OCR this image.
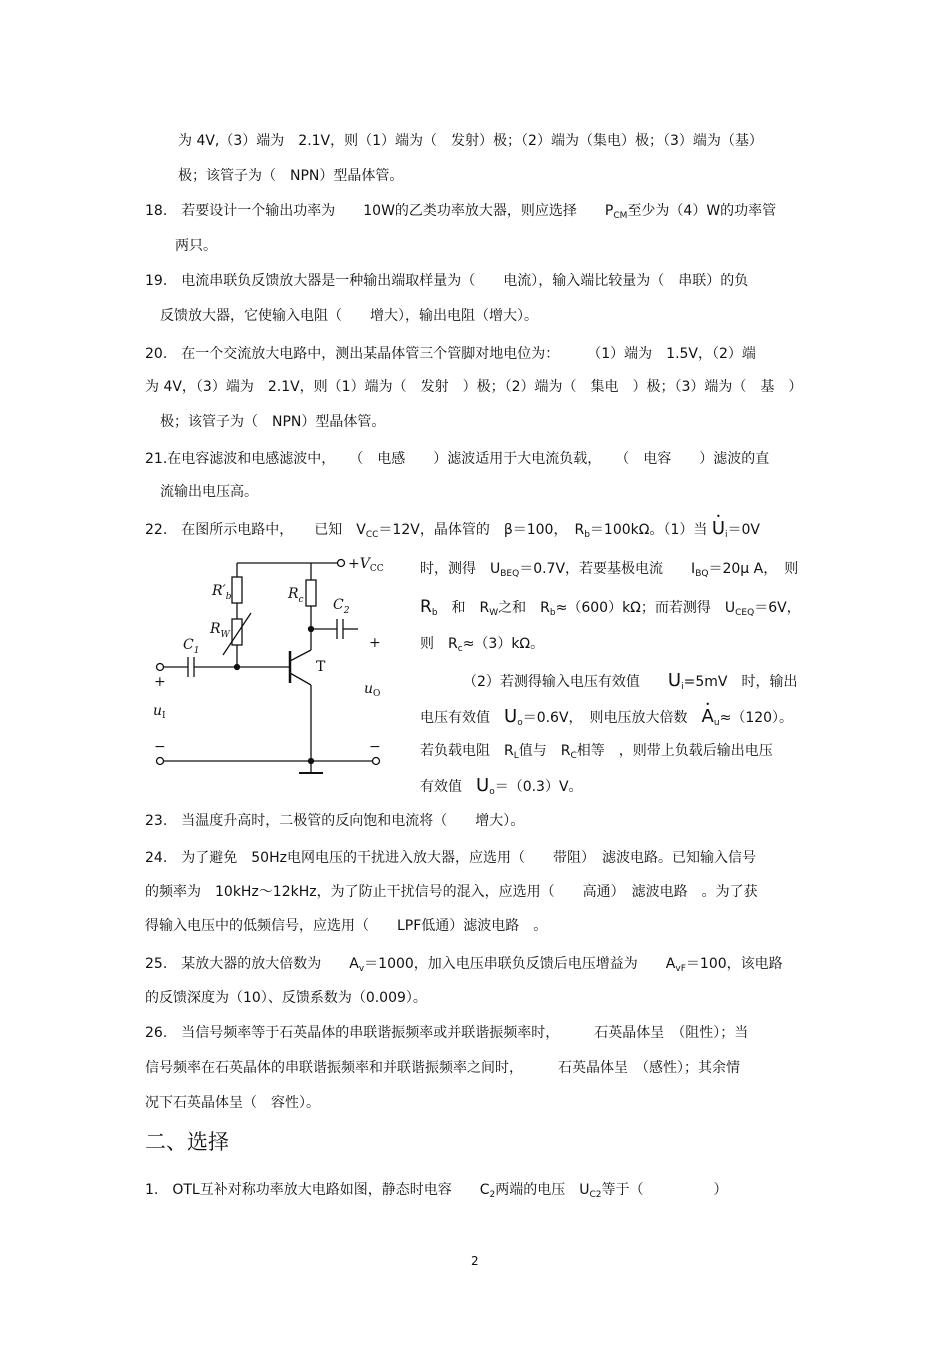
为 4V,（3）端为　2.1V，则（1）端为（　发射）极；（2）端为（集电）极；（3）端为（基）
极；该管子为（　NPN）型晶体管。
18.　若要设计一个输出功率为　　10W的乙类功率放大器，则应选择　　$P_{CM}$至少为（4）W的功率管
两只。
19.　电流串联负反馈放大器是一种输出端取样量为（　　电流），输入端比较量为（　串联）的负
反馈放大器，它使输入电阻（　　增大），输出电阻（增大）。
20.　在一个交流放大电路中，测出某晶体管三个管脚对地电位为：　　　（1）端为　1.5V，（2）端
为 4V，（3）端为　2.1V，则（1）端为（　发射　）极；（2）端为（　集电　）极；（3）端为（　基　）
极；该管子为（　NPN）型晶体管。
21.在电容滤波和电感滤波中，　　（　电感　　）滤波适用于大电流负载，　　（　电容　　）滤波的直
流输出电压高。
22.　在图所示电路中，　　已知　$V_{CC}=12V$，晶体管的　β＝100，　$R_b=100k\Omega$。（1）当 • $U_i=0V$
时，测得　$U_{BEQ}=0.7V$，若要基极电流　　$I_{BQ}=20\mu$ A，　则
$R_b$　和　$R_W$之和　$R_b\approx(600)k\Omega$；而若测得　$U_{CEQ}=6V$，
则　$R_c\approx(3)k\Omega$。
（2）若测得输入电压有效值　　$U_i=5mV$　时，输出
电压有效值　$U_o=0.6V$，　则电压放大倍数　• $A_u\approx(120)$。
若负载电阻　$R_L$值与　$R_C$相等　，则带上负载后输出电压
有效值　$U_o=(0.3)V$。
$+V_{CC}$
$R'_b$	$R_c$ $C_2$
$R_W$
$C_1$
T
+
+
$u_I$
$u_O$
−	−
23.　当温度升高时，二极管的反向饱和电流将（　　增大）。
24.　为了避免　50Hz电网电压的干扰进入放大器，应选用（　　带阻）　滤波电路。已知输入信号
的频率为　10kHz～12kHz，为了防止干扰信号的混入，应选用（　　高通）　滤波电路　。为了获
得输入电压中的低频信号，应选用（　　LPF低通）滤波电路　。
25.　某放大器的放大倍数为　　$A_v=1000$，加入电压串联负反馈后电压增益为　　$A_{vF}=100$，该电路
的反馈深度为（10）、反馈系数为（0.009）。
26.　当信号频率等于石英晶体的串联谐振频率或并联谐振频率时，　　　石英晶体呈　（阻性）；当
信号频率在石英晶体的串联谐振频率和并联谐振频率之间时，　　　石英晶体呈　（感性）；其余情
况下石英晶体呈（　容性）。
二、选择
1.　OTL互补对称功率放大电路如图，静态时电容　　$C_2$两端的电压　$U_{C2}$等于（　　　　　）
2
